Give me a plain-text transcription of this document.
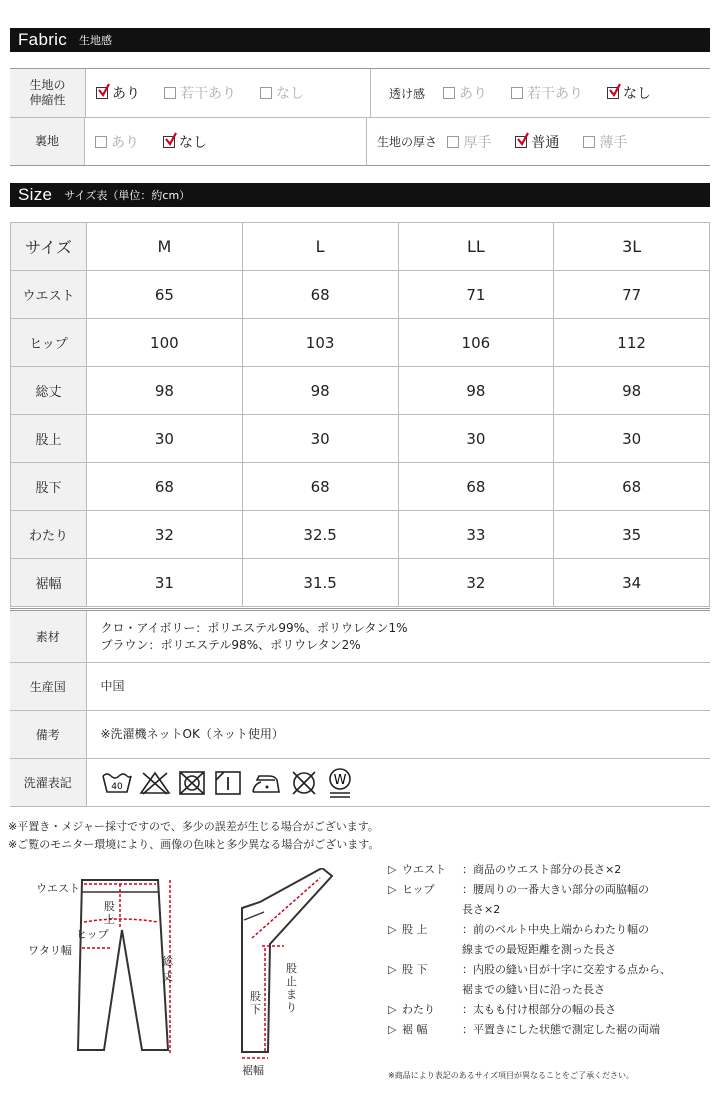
Fabric 生地感
生地の
伸縮性	あり	若干あり	なし	透け感	あり	若干あり	なし
裏地	あり	なし	生地の厚さ	厚手	普通	薄手
Size サイズ表（単位：約cm）
サイズ	M	L	LL	3L
ウエスト	65	68	71	77
ヒップ	100	103	106	112
総丈	98	98	98	98
股上	30	30	30	30
股下	68	68	68	68
わたり	32	32.5	33	35
裾幅	31	31.5	32	34
素材	クロ・アイボリー：ポリエステル99%、ポリウレタン1%
ブラウン：ポリエステル98%、ポリウレタン2%

生産国	中国
備考	※洗濯機ネットOK（ネット使用）
洗濯表記	40 W
※平置き・メジャー採寸ですので、多少の誤差が生じる場合がございます。
※ご覧のモニター環境により、画像の色味と多少異なる場合がございます。
ウエスト
股上
ヒップ
ワタリ幅
総丈
股下
股止まり
裾幅
▷ ウエスト	： 商品のウエスト部分の長さ×2
▷ ヒップ	： 腰周りの一番大きい部分の両脇幅の
長さ×2
▷ 股 上	： 前のベルト中央上端からわたり幅の
線までの最短距離を測った長さ
▷ 股 下	： 内股の縫い目が十字に交差する点から、
裾までの縫い目に沿った長さ
▷ わたり	： 太もも付け根部分の幅の長さ
▷ 裾 幅	： 平置きにした状態で測定した裾の両端
※商品により表記のあるサイズ項目が異なることをご了承ください。
